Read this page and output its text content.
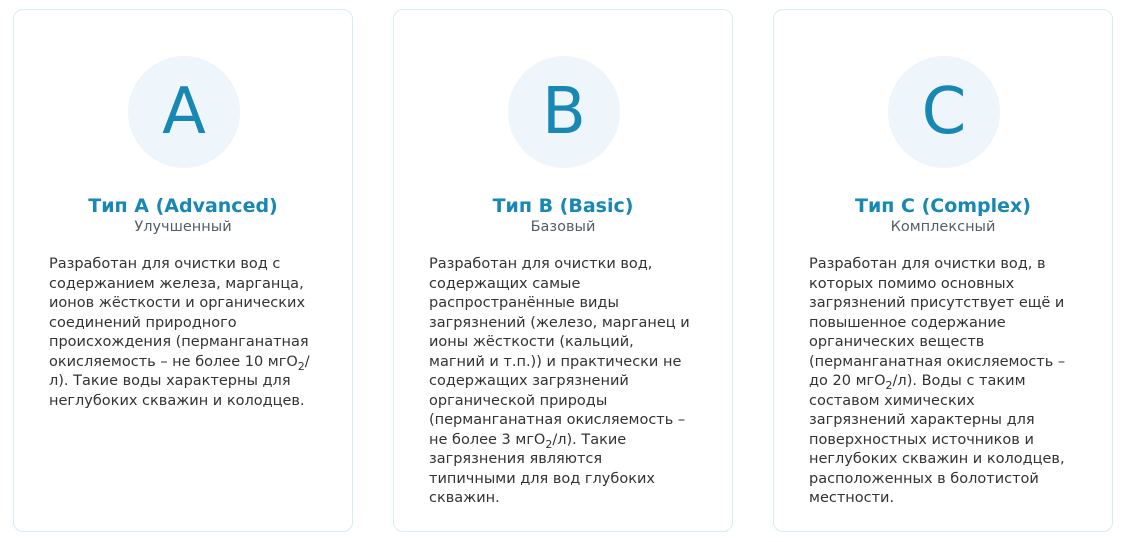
A
Тип А (Advanced)
Улучшенный

Разработан для очистки вод с содержанием железа, марганца, ионов жёсткости и органических соединений природного происхождения (перманганатная окисляемость – не более 10 мгО$_2$/л). Такие воды характерны для неглубоких скважин и колодцев.

B
Тип B (Basic)
Базовый

Разработан для очистки вод, содержащих самые распространённые виды загрязнений (железо, марганец и ионы жёсткости (кальций, магний и т.п.)) и практически не содержащих загрязнений органической природы (перманганатная окисляемость – не более 3 мгО$_2$/л). Такие загрязнения являются типичными для вод глубоких скважин.

C
Тип C (Complex)
Комплексный

Разработан для очистки вод, в которых помимо основных загрязнений присутствует ещё и повышенное содержание органических веществ (перманганатная окисляемость – до 20 мгО$_2$/л). Воды с таким составом химических загрязнений характерны для поверхностных источников и неглубоких скважин и колодцев, расположенных в болотистой местности.
